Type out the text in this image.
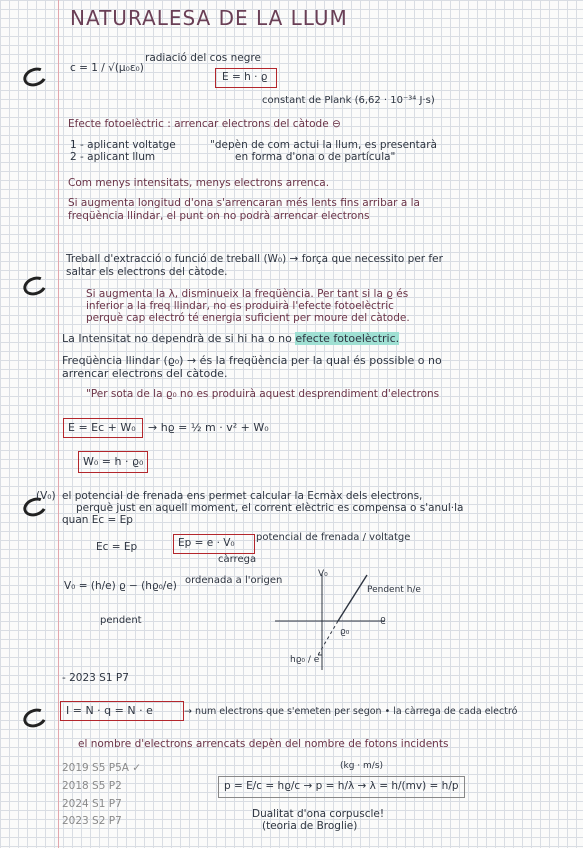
NATURALESA DE LA LLUM
c = 1 / √(μ₀ε₀)
radiació del cos negre
E = h · ϱ
constant de Plank (6,62 · 10⁻³⁴ J·s)
Efecte fotoelèctric : arrencar electrons del càtode ⊖
1 - aplicant voltatge
2 - aplicant llum
"depèn de com actui la llum, es presentarà
en forma d'ona o de partícula"
Com menys intensitats, menys electrons arrenca.
Si augmenta longitud d'ona s'arrencaran més lents fins arribar a la
freqüència llindar, el punt on no podrà arrencar electrons
Treball d'extracció o funció de treball (W₀) → força que necessito per fer
saltar els electrons del càtode.
Si augmenta la λ, disminueix la freqüència. Per tant si la ϱ és
inferior a la freq llindar, no es produirà l'efecte fotoelèctric
perquè cap electró té energia suficient per moure del càtode.
La Intensitat no dependrà de si hi ha o no efecte fotoelèctric.
Freqüència llindar (ϱ₀) → és la freqüència per la qual és possible o no
arrencar electrons del càtode.
"Per sota de la ϱ₀ no es produirà aquest desprendiment d'electrons
E = Ec + W₀ → hϱ = ½ m · v² + W₀
W₀ = h · ϱ₀
(V₀) el potencial de frenada ens permet calcular la Ecmàx dels electrons,
perquè just en aquell moment, el corrent elèctric es compensa o s'anul·la
quan Ec = Ep
Ec = Ep	Ep = e · V₀ potencial de frenada / voltatge
càrrega
V₀ = (h/e) ϱ − (hϱ₀/e) ordenada a l'origen
pendent
- 2023 S1 P7
V₀
ϱ
ϱ₀
Pendent h/e
hϱ₀ / e
I = N · q = N · e	→ num electrons que s'emeten per segon • la càrrega de cada electró
el nombre d'electrons arrencats depèn del nombre de fotons incidents
2019 S5 P5A ✓
2018 S5 P2
2024 S1 P7
2023 S2 P7
(kg · m/s)
p = E/c = hϱ/c → p = h/λ → λ = h/(mv) = h/p
Dualitat d'ona corpuscle!
(teoria de Broglie)
